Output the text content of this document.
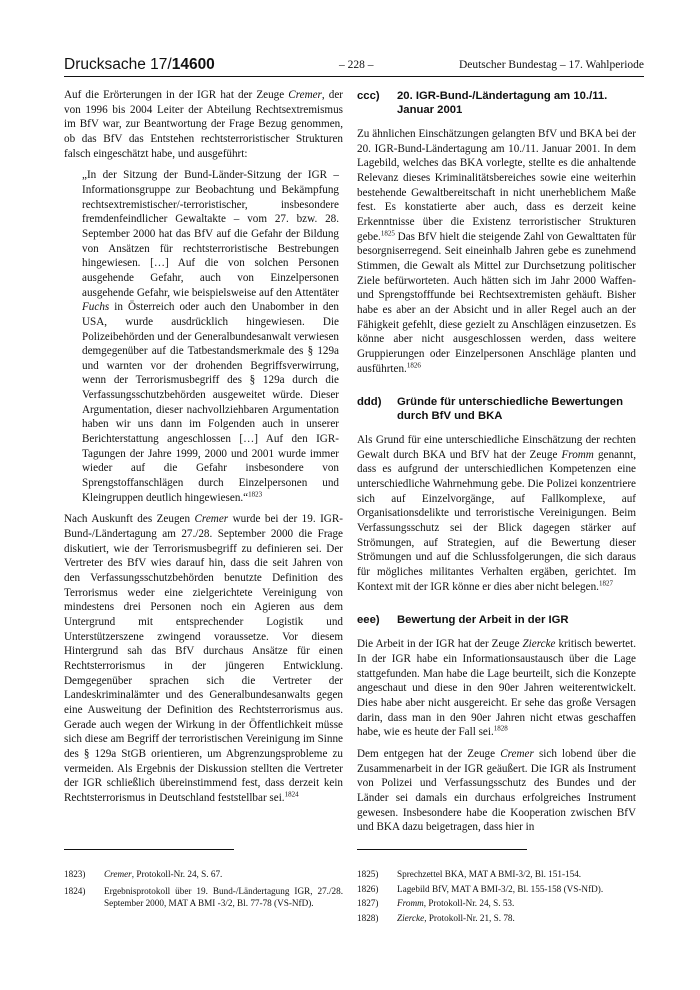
Drucksache 17/14600	– 228 –	Deutscher Bundestag – 17. Wahlperiode

Auf die Erörterungen in der IGR hat der Zeuge Cremer, der von 1996 bis 2004 Leiter der Abteilung Rechtsextremismus im BfV war, zur Beantwortung der Frage Bezug genommen, ob das BfV das Entstehen rechtsterroristischer Strukturen falsch eingeschätzt habe, und ausgeführt:

„In der Sitzung der Bund-Länder-Sitzung der IGR – Informationsgruppe zur Beobachtung und Bekämpfung rechtsextremistischer/-terroristischer, insbesondere fremdenfeindlicher Gewaltakte – vom 27. bzw. 28. September 2000 hat das BfV auf die Gefahr der Bildung von Ansätzen für rechtsterroristische Bestrebungen hingewiesen. […] Auf die von solchen Personen ausgehende Gefahr, auch von Einzelpersonen ausgehende Gefahr, wie beispielsweise auf den Attentäter Fuchs in Österreich oder auch den Unabomber in den USA, wurde ausdrücklich hingewiesen. Die Polizeibehörden und der Generalbundesanwalt verwiesen demgegenüber auf die Tatbestandsmerkmale des § 129a und warnten vor der drohenden Begriffsverwirrung, wenn der Terrorismusbegriff des § 129a durch die Verfassungsschutzbehörden ausgeweitet würde. Dieser Argumentation, dieser nachvollziehbaren Argumentation haben wir uns dann im Folgenden auch in unserer Berichterstattung angeschlossen […] Auf den IGR-Tagungen der Jahre 1999, 2000 und 2001 wurde immer wieder auf die Gefahr insbesondere von Sprengstoffanschlägen durch Einzelpersonen und Kleingruppen deutlich hingewiesen.“$^{1823}$

Nach Auskunft des Zeugen Cremer wurde bei der 19. IGR-Bund-/Ländertagung am 27./28. September 2000 die Frage diskutiert, wie der Terrorismusbegriff zu definieren sei. Der Vertreter des BfV wies darauf hin, dass die seit Jahren von den Verfassungsschutzbehörden benutzte Definition des Terrorismus weder eine zielgerichtete Vereinigung von mindestens drei Personen noch ein Agieren aus dem Untergrund mit entsprechender Logistik und Unterstützerszene zwingend voraussetze. Vor diesem Hintergrund sah das BfV durchaus Ansätze für einen Rechtsterrorismus in der jüngeren Entwicklung. Demgegenüber sprachen sich die Vertreter der Landeskriminalämter und des Generalbundesanwalts gegen eine Ausweitung der Definition des Rechtsterrorismus aus. Gerade auch wegen der Wirkung in der Öffentlichkeit müsse sich diese am Begriff der terroristischen Vereinigung im Sinne des § 129a StGB orientieren, um Abgrenzungsprobleme zu vermeiden. Als Ergebnis der Diskussion stellten die Vertreter der IGR schließlich übereinstimmend fest, dass derzeit kein Rechtsterrorismus in Deutschland feststellbar sei.$^{1824}$

ccc)	20. IGR-Bund-/Ländertagung am 10./11. Januar 2001

Zu ähnlichen Einschätzungen gelangten BfV und BKA bei der 20. IGR-Bund-Ländertagung am 10./11. Januar 2001. In dem Lagebild, welches das BKA vorlegte, stellte es die anhaltende Relevanz dieses Kriminalitätsbereiches sowie eine weiterhin bestehende Gewaltbereitschaft in nicht unerheblichem Maße fest. Es konstatierte aber auch, dass es derzeit keine Erkenntnisse über die Existenz terroristischer Strukturen gebe.$^{1825}$ Das BfV hielt die steigende Zahl von Gewalttaten für besorgniserregend. Seit eineinhalb Jahren gebe es zunehmend Stimmen, die Gewalt als Mittel zur Durchsetzung politischer Ziele befürworteten. Auch hätten sich im Jahr 2000 Waffen- und Sprengstofffunde bei Rechtsextremisten gehäuft. Bisher habe es aber an der Absicht und in aller Regel auch an der Fähigkeit gefehlt, diese gezielt zu Anschlägen einzusetzen. Es könne aber nicht ausgeschlossen werden, dass weitere Gruppierungen oder Einzelpersonen Anschläge planten und ausführten.$^{1826}$

ddd)	Gründe für unterschiedliche Bewertungen durch BfV und BKA

Als Grund für eine unterschiedliche Einschätzung der rechten Gewalt durch BKA und BfV hat der Zeuge Fromm genannt, dass es aufgrund der unterschiedlichen Kompetenzen eine unterschiedliche Wahrnehmung gebe. Die Polizei konzentriere sich auf Einzelvorgänge, auf Fallkomplexe, auf Organisationsdelikte und terroristische Vereinigungen. Beim Verfassungsschutz sei der Blick dagegen stärker auf Strömungen, auf Strategien, auf die Bewertung dieser Strömungen und auf die Schlussfolgerungen, die sich daraus für mögliches militantes Verhalten ergäben, gerichtet. Im Kontext mit der IGR könne er dies aber nicht belegen.$^{1827}$

eee)	Bewertung der Arbeit in der IGR

Die Arbeit in der IGR hat der Zeuge Ziercke kritisch bewertet. In der IGR habe ein Informationsaustausch über die Lage stattgefunden. Man habe die Lage beurteilt, sich die Konzepte angeschaut und diese in den 90er Jahren weiterentwickelt. Dies habe aber nicht ausgereicht. Er sehe das große Versagen darin, dass man in den 90er Jahren nicht etwas geschaffen habe, wie es heute der Fall sei.$^{1828}$

Dem entgegen hat der Zeuge Cremer sich lobend über die Zusammenarbeit in der IGR geäußert. Die IGR als Instrument von Polizei und Verfassungsschutz des Bundes und der Länder sei damals ein durchaus erfolgreiches Instrument gewesen. Insbesondere habe die Kooperation zwischen BfV und BKA dazu beigetragen, dass hier in

1823)	Cremer, Protokoll-Nr. 24, S. 67.
1824)	Ergebnisprotokoll über 19. Bund-/Ländertagung IGR, 27./28. September 2000, MAT A BMI -3/2, Bl. 77-78 (VS-NfD).
1825)	Sprechzettel BKA, MAT A BMI-3/2, Bl. 151-154.
1826)	Lagebild BfV, MAT A BMI-3/2, Bl. 155-158 (VS-NfD).
1827)	Fromm, Protokoll-Nr. 24, S. 53.
1828)	Ziercke, Protokoll-Nr. 21, S. 78.
